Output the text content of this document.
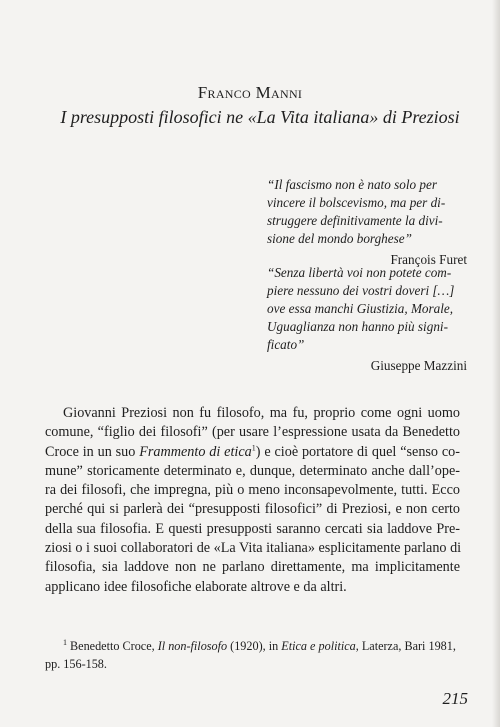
Franco Manni
I presupposti filosofici ne «La Vita italiana» di Preziosi

“Il fascismo non è nato solo per

vincere il bolscevismo, ma per di-

struggere definitivamente la divi-

sione del mondo borghese”

François Furet

“Senza libertà voi non potete com-

piere nessuno dei vostri doveri […]

ove essa manchi Giustizia, Morale,

Uguaglianza non hanno più signi-

ficato”

Giuseppe Mazzini

Giovanni Preziosi non fu filosofo, ma fu, proprio come ogni uomo
comune, “figlio dei filosofi” (per usare l’espressione usata da Benedetto
Croce in un suo Frammento di etica$^1$) e cioè portatore di quel “senso co-
mune” storicamente determinato e, dunque, determinato anche dall’ope-
ra dei filosofi, che impregna, più o meno inconsapevolmente, tutti. Ecco
perché qui si parlerà dei “presupposti filosofici” di Preziosi, e non certo
della sua filosofia. E questi presupposti saranno cercati sia laddove Pre-
ziosi o i suoi collaboratori de «La Vita italiana» esplicitamente parlano di
filosofia, sia laddove non ne parlano direttamente, ma implicitamente
applicano idee filosofiche elaborate altrove e da altri.
$^1$ Benedetto Croce, Il non-filosofo (1920), in Etica e politica, Laterza, Bari 1981,
pp. 156-158.
215
